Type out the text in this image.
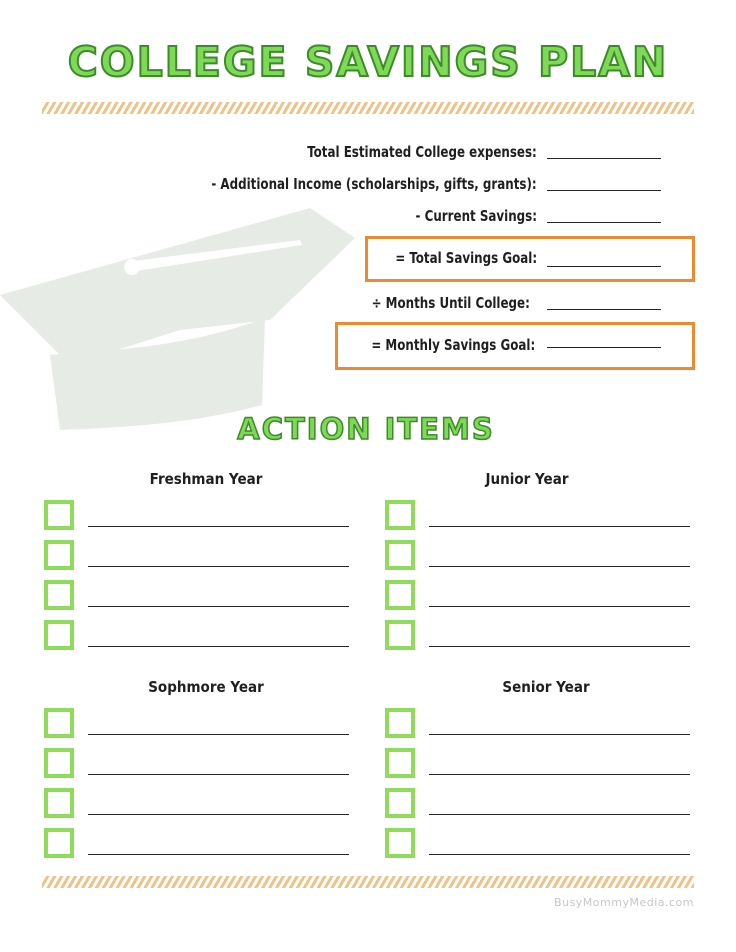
COLLEGE SAVINGS PLAN
Total Estimated College expenses:
- Additional Income (scholarships, gifts, grants):
- Current Savings:
= Total Savings Goal:
÷ Months Until College:
= Monthly Savings Goal:
ACTION ITEMS
Freshman Year	Junior Year
Sophmore Year	Senior Year
BusyMommyMedia.com
